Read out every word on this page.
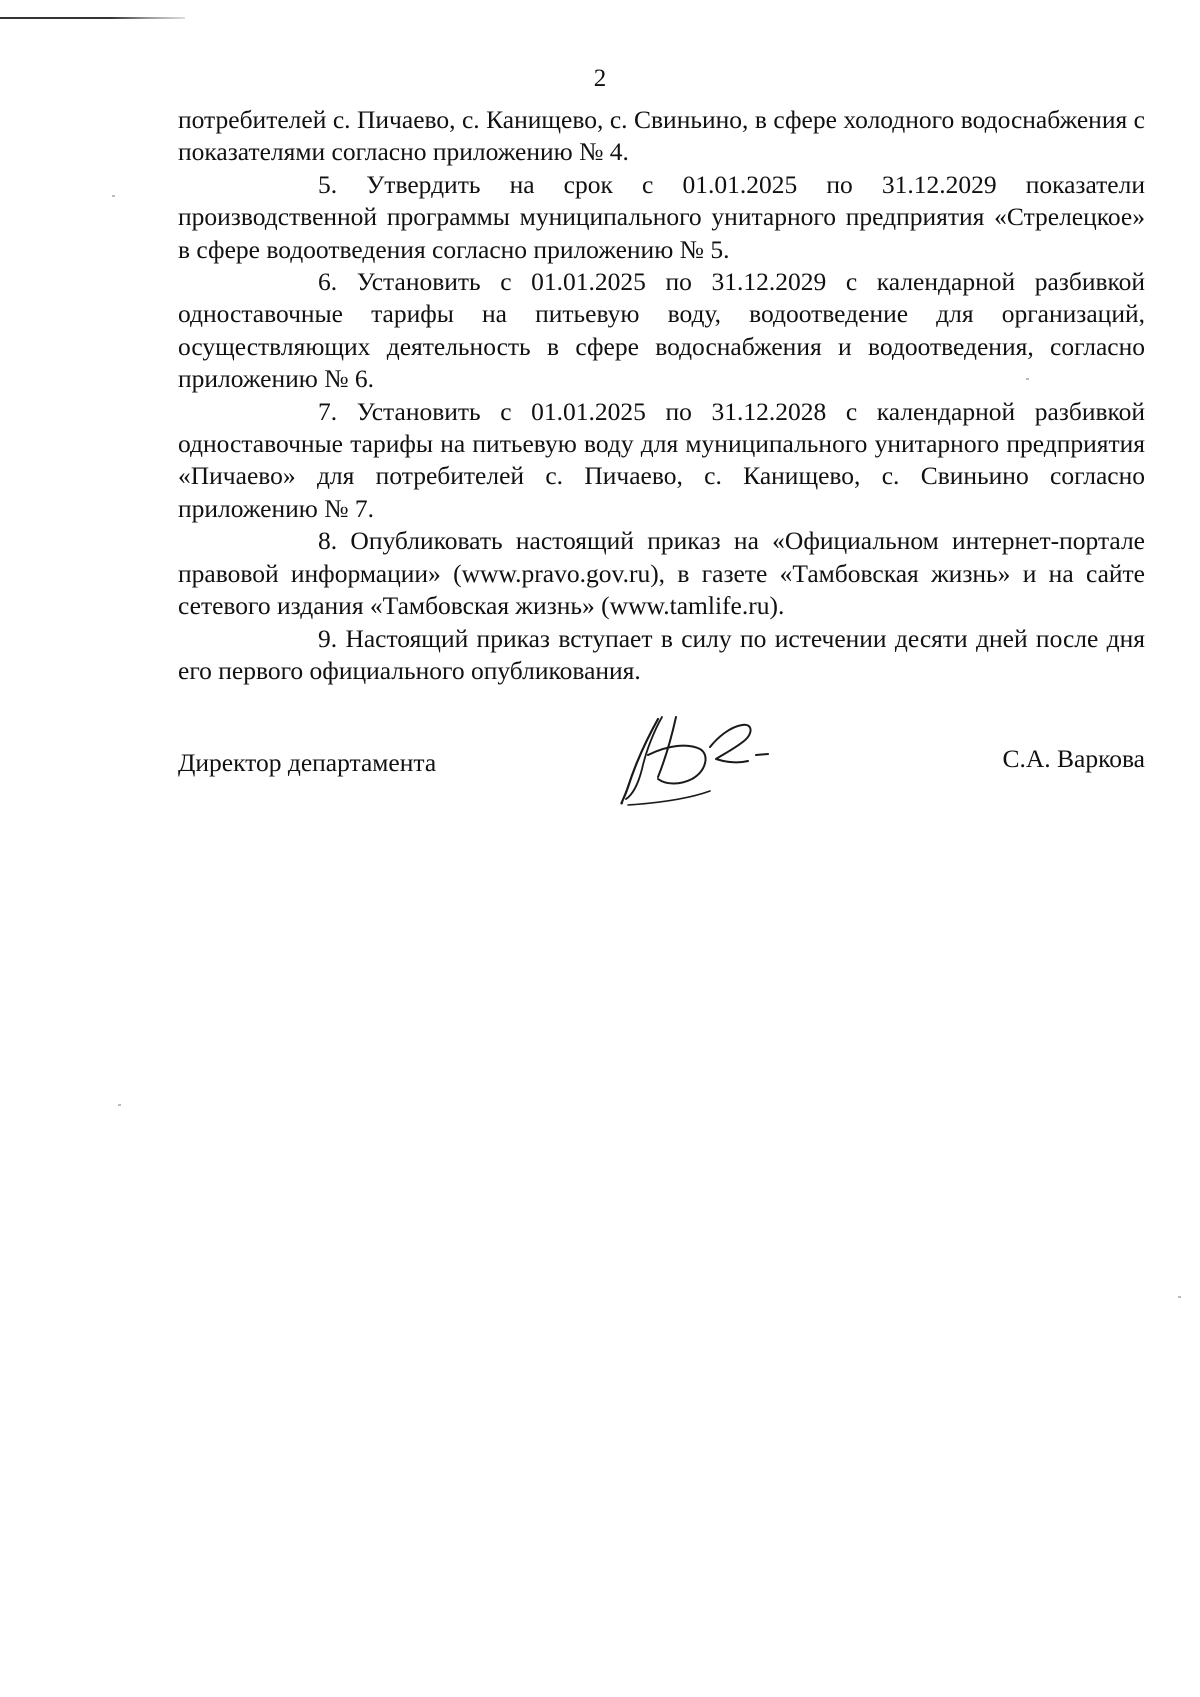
2

потребителей с. Пичаево, с. Канищево, с. Свиньино, в сфере холодного водоснабжения с показателями согласно приложению № 4.

5. Утвердить на срок с 01.01.2025 по 31.12.2029 показатели производственной программы муниципального унитарного предприятия «Стрелецкое» в сфере водоотведения согласно приложению № 5.

6. Установить с 01.01.2025 по 31.12.2029 с календарной разбивкой одноставочные тарифы на питьевую воду, водоотведение для организаций, осуществляющих деятельность в сфере водоснабжения и водоотведения, согласно приложению № 6.

7. Установить с 01.01.2025 по 31.12.2028 с календарной разбивкой одноставочные тарифы на питьевую воду для муниципального унитарного предприятия «Пичаево» для потребителей с. Пичаево, с. Канищево, с. Свиньино согласно приложению № 7.

8. Опубликовать настоящий приказ на «Официальном интернет-портале правовой информации» (www.pravo.gov.ru), в газете «Тамбовская жизнь» и на сайте сетевого издания «Тамбовская жизнь» (www.tamlife.ru).

9. Настоящий приказ вступает в силу по истечении десяти дней после дня его первого официального опубликования.

Директор департамента	С.А. Варкова
